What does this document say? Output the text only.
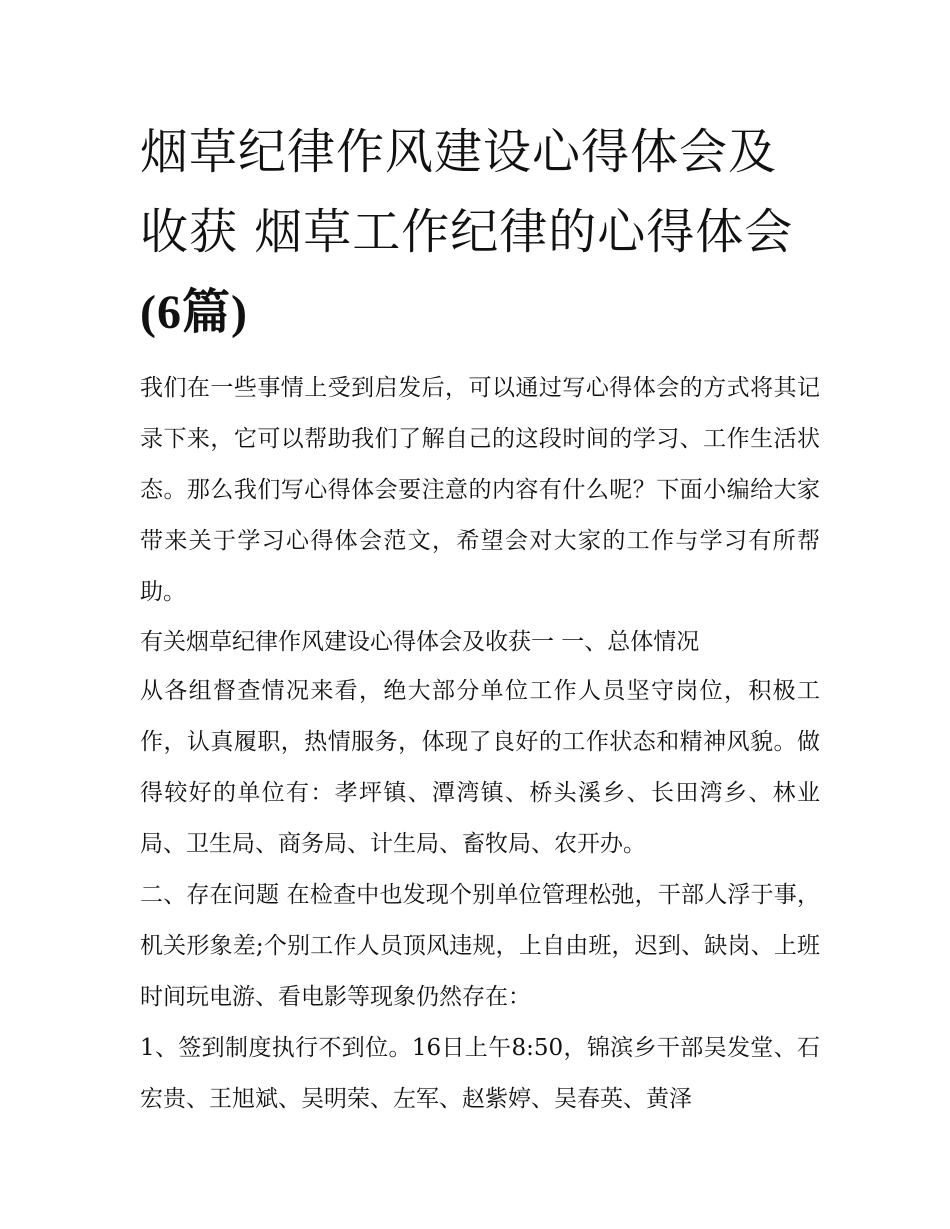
烟草纪律作风建设心得体会及收获 烟草工作纪律的心得体会(6篇)

我们在一些事情上受到启发后，可以通过写心得体会的方式将其记录下来，它可以帮助我们了解自己的这段时间的学习、工作生活状态。那么我们写心得体会要注意的内容有什么呢？下面小编给大家带来关于学习心得体会范文，希望会对大家的工作与学习有所帮助。

有关烟草纪律作风建设心得体会及收获一 一、总体情况

从各组督查情况来看，绝大部分单位工作人员坚守岗位，积极工作，认真履职，热情服务，体现了良好的工作状态和精神风貌。做得较好的单位有：孝坪镇、潭湾镇、桥头溪乡、长田湾乡、林业局、卫生局、商务局、计生局、畜牧局、农开办。

二、存在问题 在检查中也发现个别单位管理松弛，干部人浮于事，机关形象差;个别工作人员顶风违规，上自由班，迟到、缺岗、上班时间玩电游、看电影等现象仍然存在：

1、签到制度执行不到位。16日上午8:50，锦滨乡干部吴发堂、石宏贵、王旭斌、吴明荣、左军、赵紫婷、吴春英、黄泽
